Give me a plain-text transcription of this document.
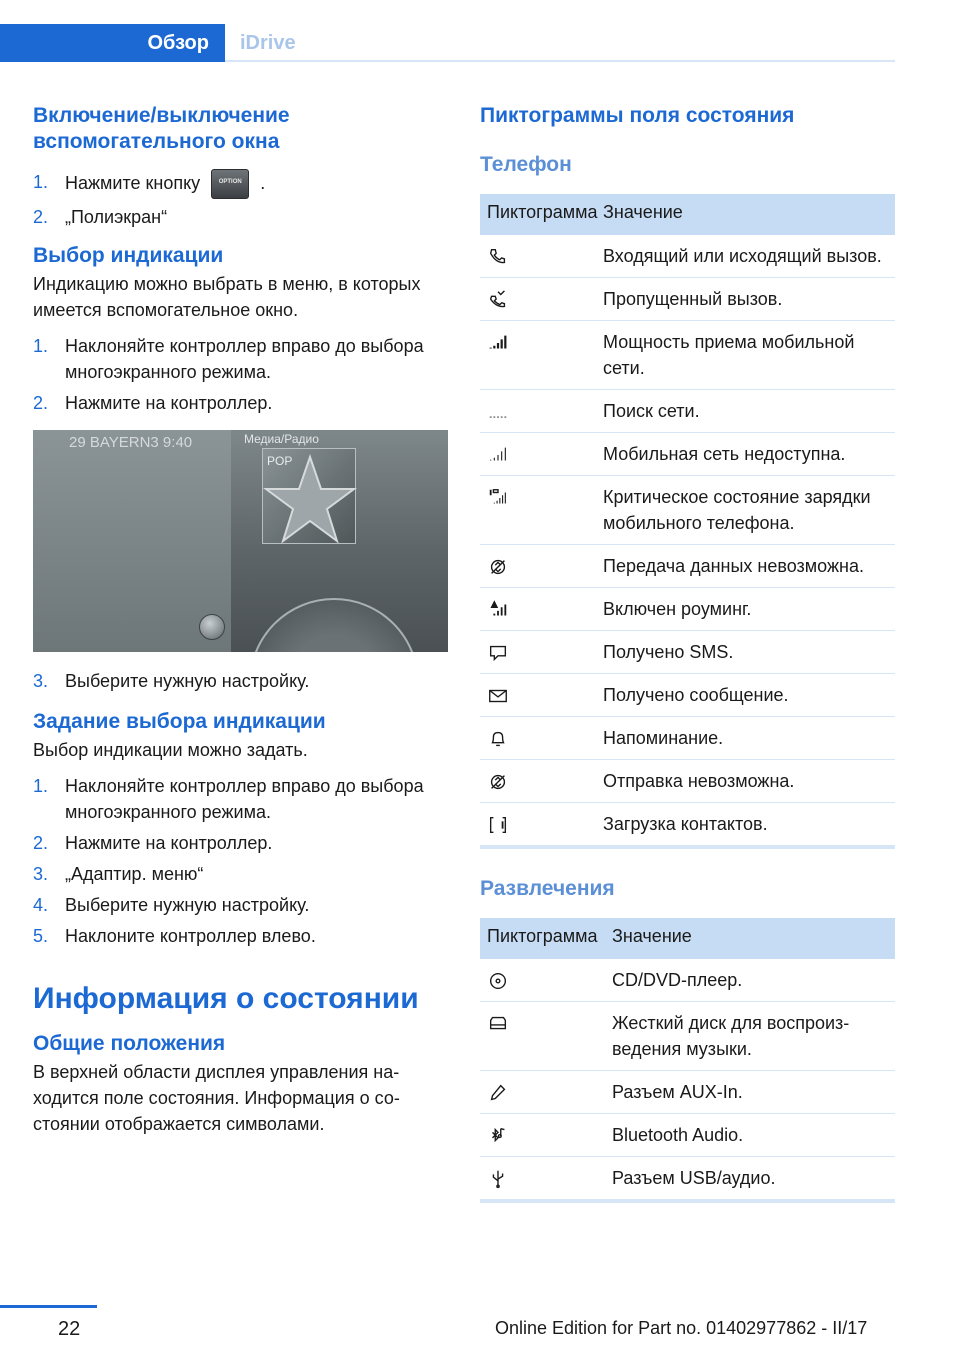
Обзор	iDrive
Включение/выключение вспомогательного окна
1. Нажмите кнопку	OPTION .
2. „Полиэкран“
Выбор индикации
Индикацию можно выбрать в меню, в которых имеется вспомогательное окно.
1. Наклоняйте контроллер вправо до выбора многоэкранного режима.
2. Нажмите на контроллер.
29 BAYERN3 9:40	Медиа/Радио
POP
3. Выберите нужную настройку.
Задание выбора индикации
Выбор индикации можно задать.
1. Наклоняйте контроллер вправо до выбора многоэкранного режима.
2. Нажмите на контроллер.
3. „Адаптир. меню“
4. Выберите нужную настройку.
5. Наклоните контроллер влево.
Информация о состоянии
Общие положения
В верхней области дисплея управления находится поле состояния. Информация о состоянии отображается символами.
Пиктограммы поля состояния
Телефон
Пиктограмма Значение
Входящий или исходящий вызов.
Пропущенный вызов.
Мощность приема мобильной сети.
Поиск сети.
Мобильная сеть недоступна.
Критическое состояние зарядки мобильного телефона.
Передача данных невозможна.
Включен роуминг.
Получено SMS.
Получено сообщение.
Напоминание.
Отправка невозможна.
Загрузка контактов.
Развлечения
Пиктограмма Значение
CD/DVD-плеер.
Жесткий диск для воспроизведения музыки.
Разъем AUX-In.
Bluetooth Audio.
Разъем USB/аудио.
22	Online Edition for Part no. 01402977862 - II/17
